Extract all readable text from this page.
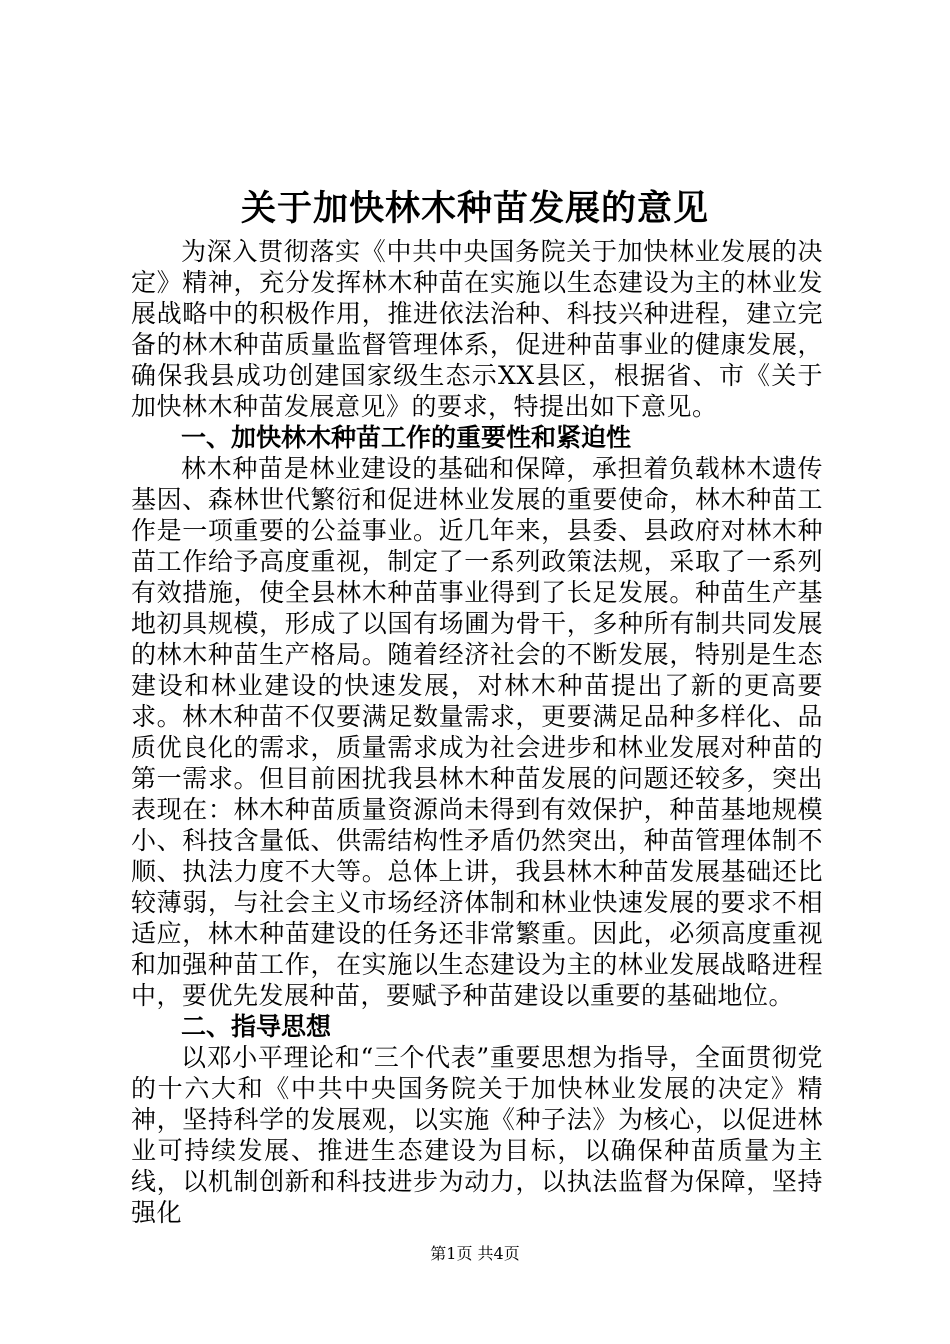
关于加快林木种苗发展的意见

为深入贯彻落实《中共中央国务院关于加快林业发展的决定》精神，充分发挥林木种苗在实施以生态建设为主的林业发展战略中的积极作用，推进依法治种、科技兴种进程，建立完备的林木种苗质量监督管理体系，促进种苗事业的健康发展，确保我县成功创建国家级生态示XX县区，根据省、市《关于加快林木种苗发展意见》的要求，特提出如下意见。

一、加快林木种苗工作的重要性和紧迫性

林木种苗是林业建设的基础和保障，承担着负载林木遗传基因、森林世代繁衍和促进林业发展的重要使命，林木种苗工作是一项重要的公益事业。近几年来，县委、县政府对林木种苗工作给予高度重视，制定了一系列政策法规，采取了一系列有效措施，使全县林木种苗事业得到了长足发展。种苗生产基地初具规模，形成了以国有场圃为骨干，多种所有制共同发展的林木种苗生产格局。随着经济社会的不断发展，特别是生态建设和林业建设的快速发展，对林木种苗提出了新的更高要求。林木种苗不仅要满足数量需求，更要满足品种多样化、品质优良化的需求，质量需求成为社会进步和林业发展对种苗的第一需求。但目前困扰我县林木种苗发展的问题还较多，突出表现在：林木种苗质量资源尚未得到有效保护，种苗基地规模小、科技含量低、供需结构性矛盾仍然突出，种苗管理体制不顺、执法力度不大等。总体上讲，我县林木种苗发展基础还比较薄弱，与社会主义市场经济体制和林业快速发展的要求不相适应，林木种苗建设的任务还非常繁重。因此，必须高度重视和加强种苗工作，在实施以生态建设为主的林业发展战略进程中，要优先发展种苗，要赋予种苗建设以重要的基础地位。

二、指导思想

以邓小平理论和“三个代表”重要思想为指导，全面贯彻党的十六大和《中共中央国务院关于加快林业发展的决定》精神，坚持科学的发展观，以实施《种子法》为核心，以促进林业可持续发展、推进生态建设为目标，以确保种苗质量为主线，以机制创新和科技进步为动力，以执法监督为保障，坚持强化

第1页 共4页
